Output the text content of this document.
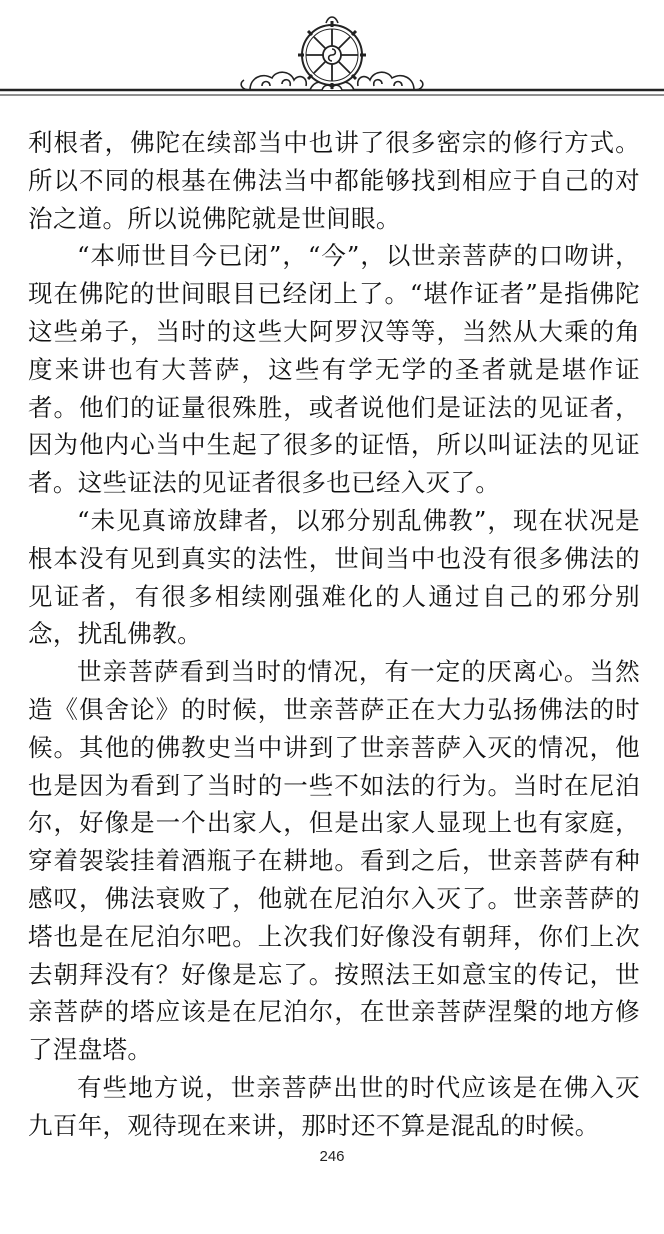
利根者，佛陀在续部当中也讲了很多密宗的修行方式。所以不同的根基在佛法当中都能够找到相应于自己的对治之道。所以说佛陀就是世间眼。

“本师世目今已闭”，“今”，以世亲菩萨的口吻讲，现在佛陀的世间眼目已经闭上了。“堪作证者”是指佛陀这些弟子，当时的这些大阿罗汉等等，当然从大乘的角度来讲也有大菩萨，这些有学无学的圣者就是堪作证者。他们的证量很殊胜，或者说他们是证法的见证者，因为他内心当中生起了很多的证悟，所以叫证法的见证者。这些证法的见证者很多也已经入灭了。

“未见真谛放肆者，以邪分别乱佛教”，现在状况是根本没有见到真实的法性，世间当中也没有很多佛法的见证者，有很多相续刚强难化的人通过自己的邪分别念，扰乱佛教。

世亲菩萨看到当时的情况，有一定的厌离心。当然造《俱舍论》的时候，世亲菩萨正在大力弘扬佛法的时候。其他的佛教史当中讲到了世亲菩萨入灭的情况，他也是因为看到了当时的一些不如法的行为。当时在尼泊尔，好像是一个出家人，但是出家人显现上也有家庭，穿着袈裟挂着酒瓶子在耕地。看到之后，世亲菩萨有种感叹，佛法衰败了，他就在尼泊尔入灭了。世亲菩萨的塔也是在尼泊尔吧。上次我们好像没有朝拜，你们上次去朝拜没有？好像是忘了。按照法王如意宝的传记，世亲菩萨的塔应该是在尼泊尔，在世亲菩萨涅槃的地方修了涅盘塔。

有些地方说，世亲菩萨出世的时代应该是在佛入灭九百年，观待现在来讲，那时还不算是混乱的时候。

246
